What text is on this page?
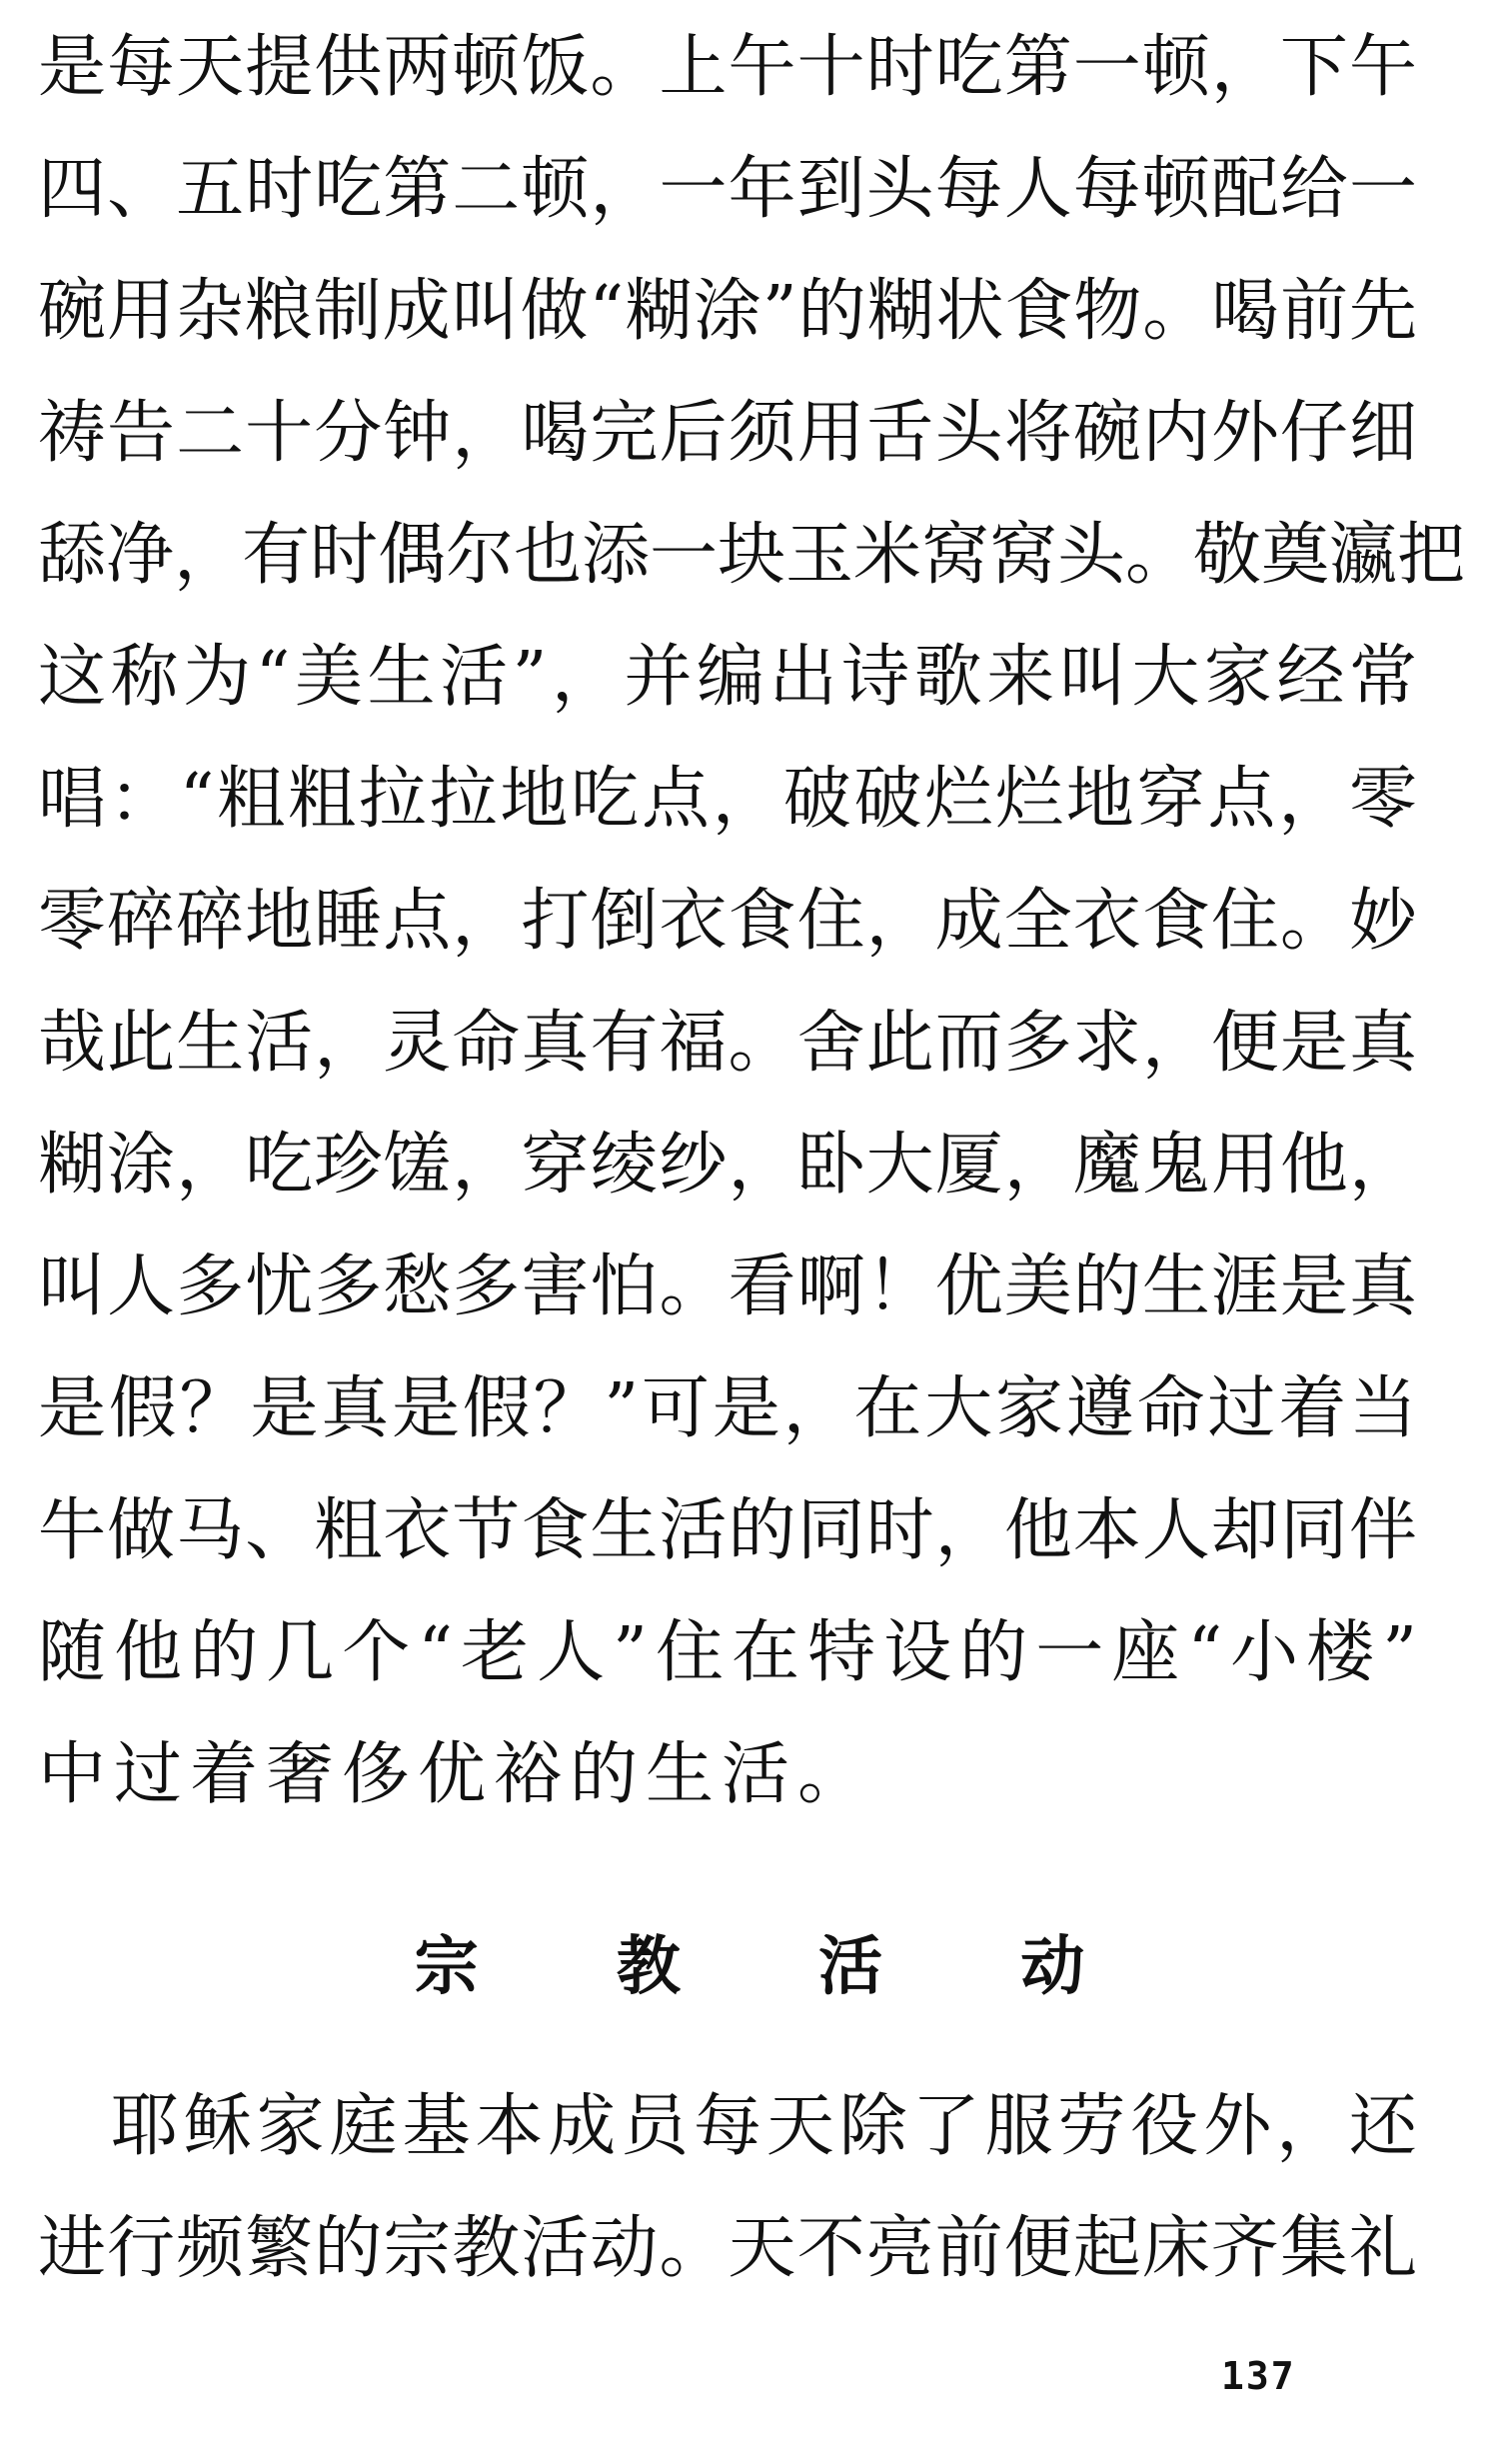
是每天提供两顿饭。上午十时吃第一顿，下午
四、五时吃第二顿，一年到头每人每顿配给一
碗用杂粮制成叫做“糊涂”的糊状食物。喝前先
祷告二十分钟，喝完后须用舌头将碗内外仔细
舔净，有时偶尔也添一块玉米窝窝头。敬奠瀛把
这称为“美生活”，并编出诗歌来叫大家经常
唱：“粗粗拉拉地吃点，破破烂烂地穿点，零
零碎碎地睡点，打倒衣食住，成全衣食住。妙
哉此生活，灵命真有福。舍此而多求，便是真
糊涂，吃珍馐，穿绫纱，卧大厦，魔鬼用他，
叫人多忧多愁多害怕。看啊！优美的生涯是真
是假？是真是假？”可是，在大家遵命过着当
牛做马、粗衣节食生活的同时，他本人却同伴
随他的几个“老人”住在特设的一座“小楼”
中过着奢侈优裕的生活。
宗 教 活 动
　耶稣家庭基本成员每天除了服劳役外，还
进行频繁的宗教活动。天不亮前便起床齐集礼
137
